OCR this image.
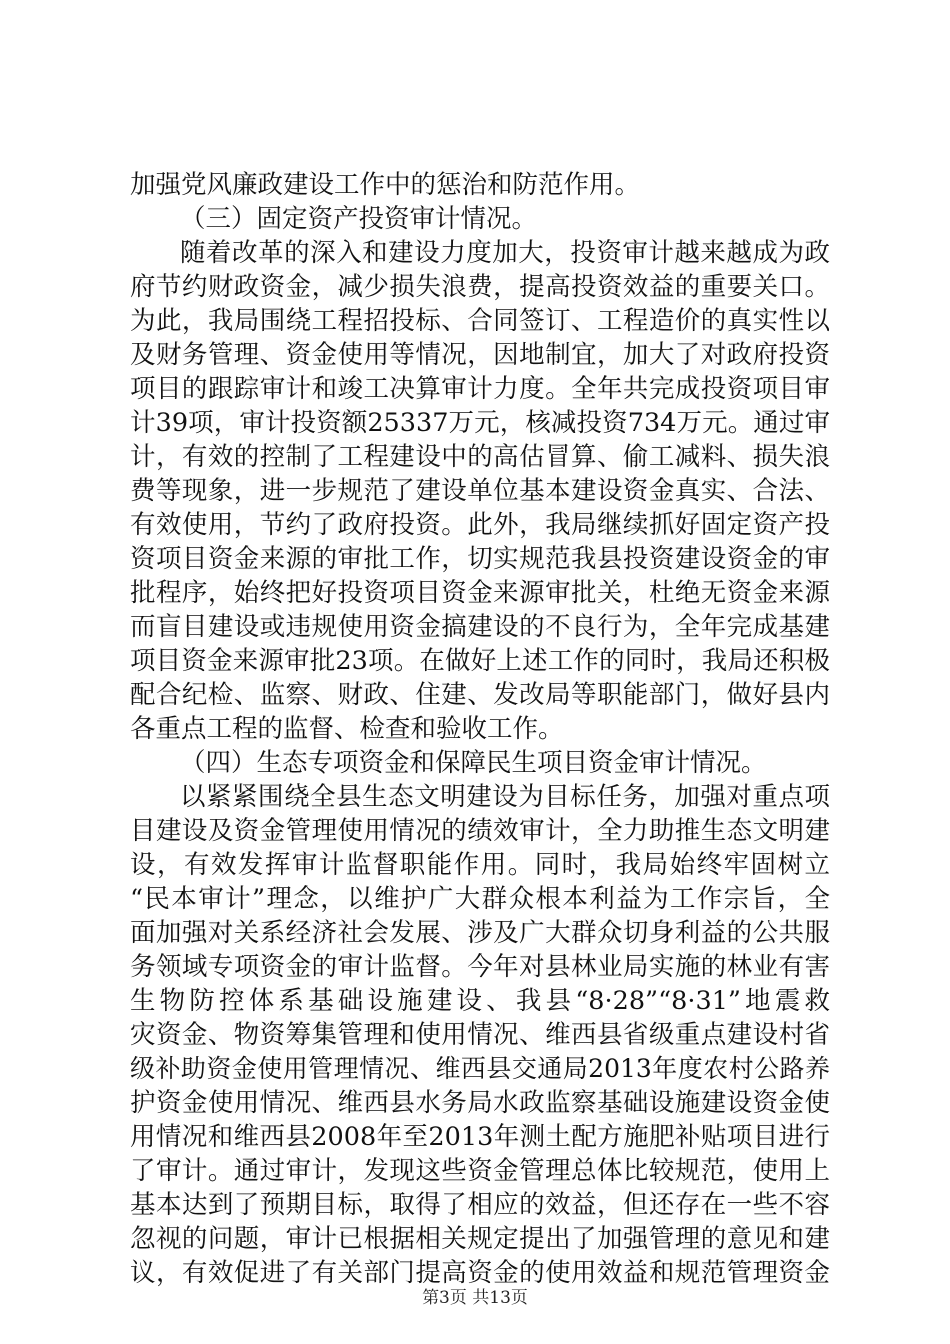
加强党风廉政建设工作中的惩治和防范作用。
（三）固定资产投资审计情况。
随着改革的深入和建设力度加大，投资审计越来越成为政
府节约财政资金，减少损失浪费，提高投资效益的重要关口。
为此，我局围绕工程招投标、合同签订、工程造价的真实性以
及财务管理、资金使用等情况，因地制宜，加大了对政府投资
项目的跟踪审计和竣工决算审计力度。全年共完成投资项目审
计39项，审计投资额25337万元，核减投资734万元。通过审
计，有效的控制了工程建设中的高估冒算、偷工减料、损失浪
费等现象，进一步规范了建设单位基本建设资金真实、合法、
有效使用，节约了政府投资。此外，我局继续抓好固定资产投
资项目资金来源的审批工作，切实规范我县投资建设资金的审
批程序，始终把好投资项目资金来源审批关，杜绝无资金来源
而盲目建设或违规使用资金搞建设的不良行为，全年完成基建
项目资金来源审批23项。在做好上述工作的同时，我局还积极
配合纪检、监察、财政、住建、发改局等职能部门，做好县内
各重点工程的监督、检查和验收工作。
（四）生态专项资金和保障民生项目资金审计情况。
以紧紧围绕全县生态文明建设为目标任务，加强对重点项
目建设及资金管理使用情况的绩效审计，全力助推生态文明建
设，有效发挥审计监督职能作用。同时，我局始终牢固树立
“民本审计”理念，以维护广大群众根本利益为工作宗旨，全
面加强对关系经济社会发展、涉及广大群众切身利益的公共服
务领域专项资金的审计监督。今年对县林业局实施的林业有害
生物防控体系基础设施建设、我县“8·28”“8·31”地震救
灾资金、物资筹集管理和使用情况、维西县省级重点建设村省
级补助资金使用管理情况、维西县交通局2013年度农村公路养
护资金使用情况、维西县水务局水政监察基础设施建设资金使
用情况和维西县2008年至2013年测土配方施肥补贴项目进行
了审计。通过审计，发现这些资金管理总体比较规范，使用上
基本达到了预期目标，取得了相应的效益，但还存在一些不容
忽视的问题，审计已根据相关规定提出了加强管理的意见和建
议，有效促进了有关部门提高资金的使用效益和规范管理资金
第3页 共13页
